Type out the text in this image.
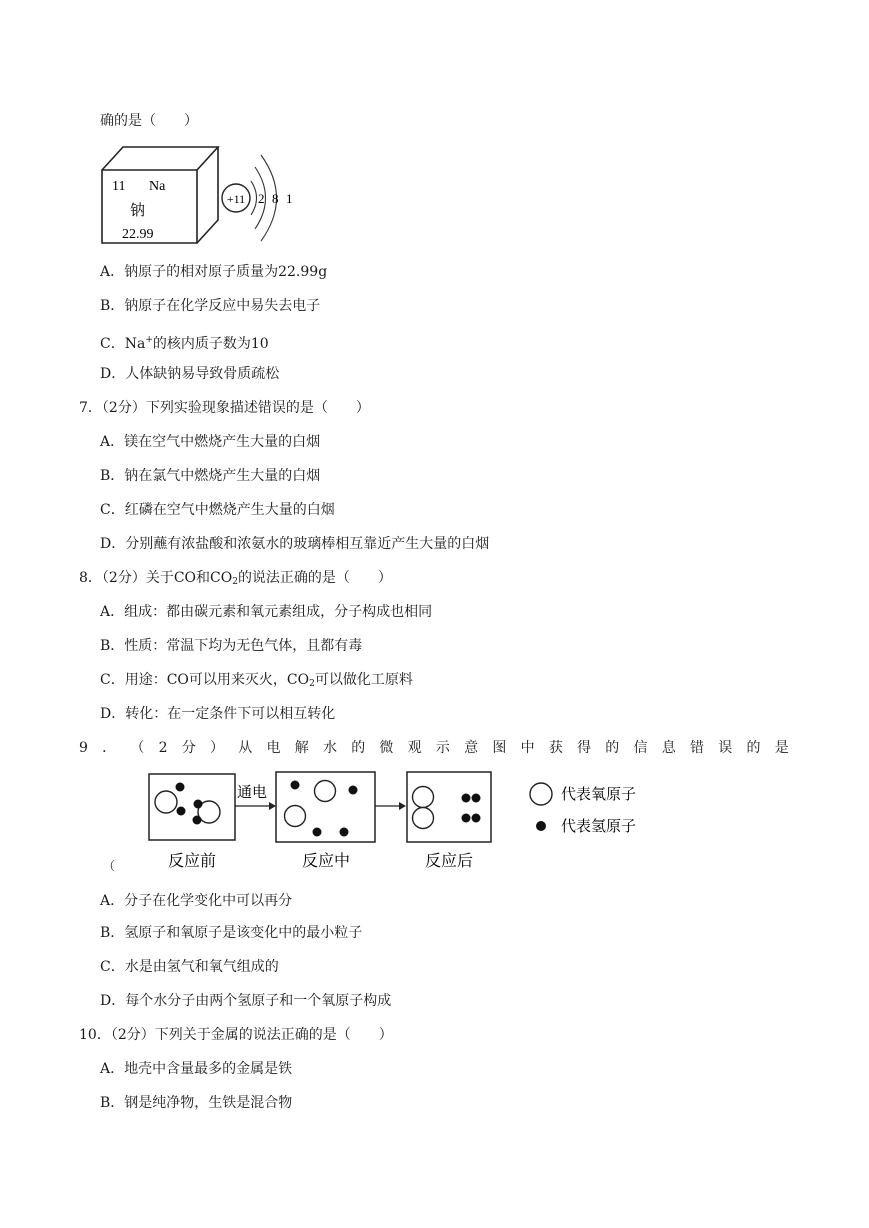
确的是（　　）
11 Na
钠
22.99
+11 2 8 1
A．钠原子的相对原子质量为22.99g
B．钠原子在化学反应中易失去电子
C．Na+的核内质子数为10
D．人体缺钠易导致骨质疏松
7．（2分）下列实验现象描述错误的是（　　）
A．镁在空气中燃烧产生大量的白烟
B．钠在氯气中燃烧产生大量的白烟
C．红磷在空气中燃烧产生大量的白烟
D．分别蘸有浓盐酸和浓氨水的玻璃棒相互靠近产生大量的白烟
8．（2分）关于CO和$CO_2$的说法正确的是（　　）
A．组成：都由碳元素和氧元素组成，分子构成也相同
B．性质：常温下均为无色气体，且都有毒
C．用途：CO可以用来灭火，$CO_2$可以做化工原料
D．转化：在一定条件下可以相互转化
9 ． （ 2 分 ） 从 电 解 水 的 微 观 示 意 图 中 获 得 的 信 息 错 误 的 是
通电	代表氧原子
代表氢原子
反应前	反应中	反应后
（
A．分子在化学变化中可以再分
B．氢原子和氧原子是该变化中的最小粒子
C．水是由氢气和氧气组成的
D．每个水分子由两个氢原子和一个氧原子构成
10．（2分）下列关于金属的说法正确的是（　　）
A．地壳中含量最多的金属是铁
B．钢是纯净物，生铁是混合物
